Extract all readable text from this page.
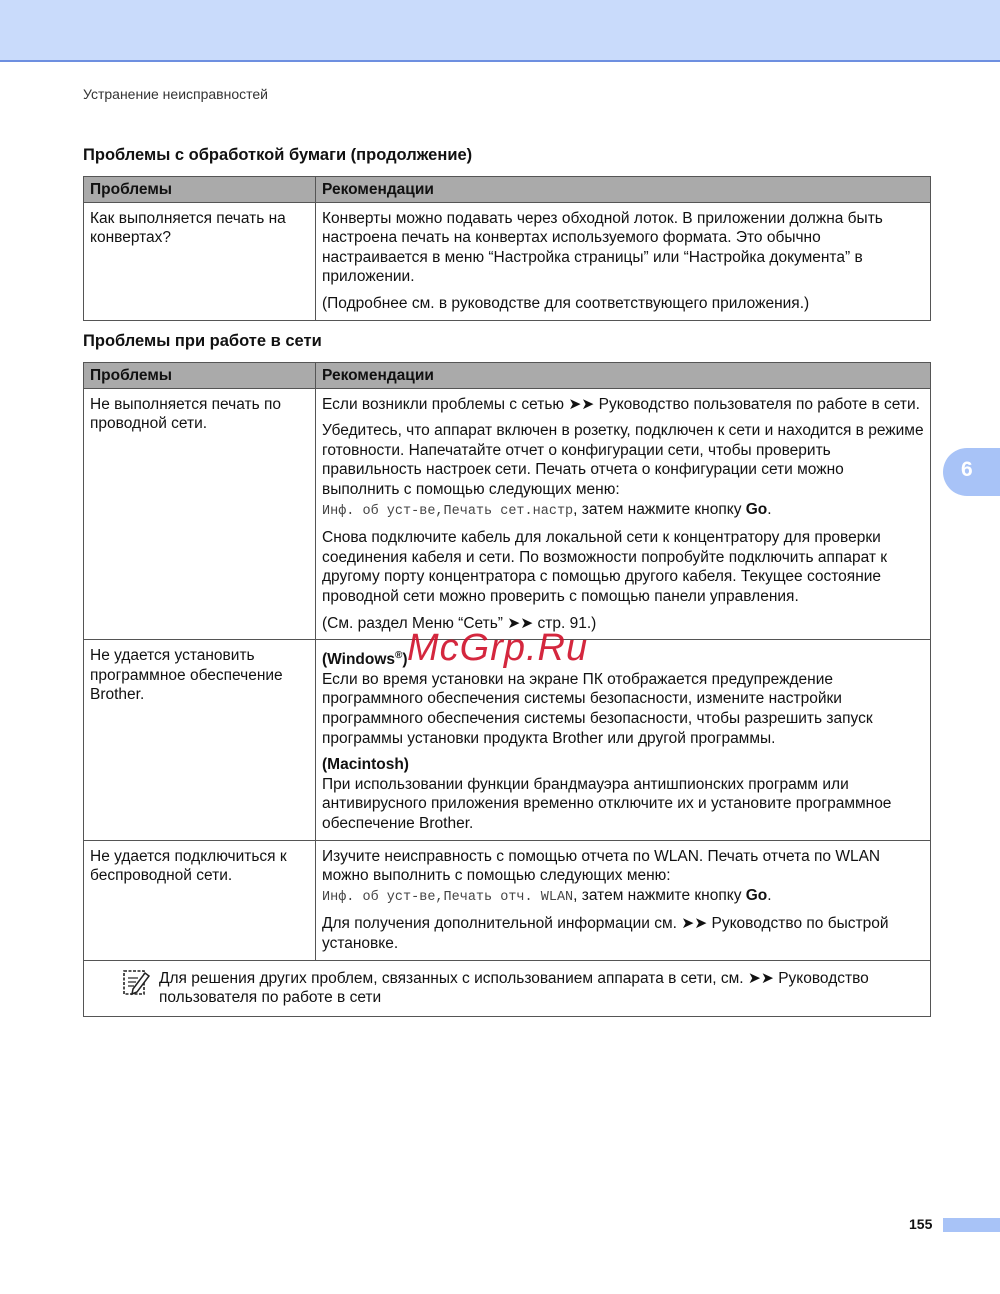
Устранение неисправностей
Проблемы с обработкой бумаги (продолжение)
Проблемы	Рекомендации
Как выполняется печать на конвертах?	Конверты можно подавать через обходной лоток. В приложении должна быть настроена печать на конвертах используемого формата. Это обычно настраивается в меню “Настройка страницы” или “Настройка документа” в приложении.
(Подробнее см. в руководстве для соответствующего приложения.)
Проблемы при работе в сети
Проблемы	Рекомендации
Не выполняется печать по проводной сети.	Если возникли проблемы с сетью ➤➤ Руководство пользователя по работе в сети.
Убедитесь, что аппарат включен в розетку, подключен к сети и находится в режиме готовности. Напечатайте отчет о конфигурации сети, чтобы проверить правильность настроек сети. Печать отчета о конфигурации сети можно выполнить с помощью следующих меню:
Инф. об уст-ве,Печать сет.настр, затем нажмите кнопку Go.
Снова подключите кабель для локальной сети к концентратору для проверки соединения кабеля и сети. По возможности попробуйте подключить аппарат к другому порту концентратора с помощью другого кабеля. Текущее состояние проводной сети можно проверить с помощью панели управления.
(См. раздел Меню “Сеть” ➤➤ стр. 91.)

Не удается установить программное обеспечение Brother.	(Windows®)
Если во время установки на экране ПК отображается предупреждение программного обеспечения системы безопасности, измените настройки программного обеспечения системы безопасности, чтобы разрешить запуск программы установки продукта Brother или другой программы.
(Macintosh)
При использовании функции брандмауэра антишпионских программ или антивирусного приложения временно отключите их и установите программное обеспечение Brother.

Не удается подключиться к беспроводной сети.	Изучите неисправность с помощью отчета по WLAN. Печать отчета по WLAN можно выполнить с помощью следующих меню:
Инф. об уст-ве,Печать отч. WLAN, затем нажмите кнопку Go.
Для получения дополнительной информации см. ➤➤ Руководство по быстрой установке.

Для решения других проблем, связанных с использованием аппарата в сети, см. ➤➤ Руководство пользователя по работе в сети	
6
McGrp.Ru
155
